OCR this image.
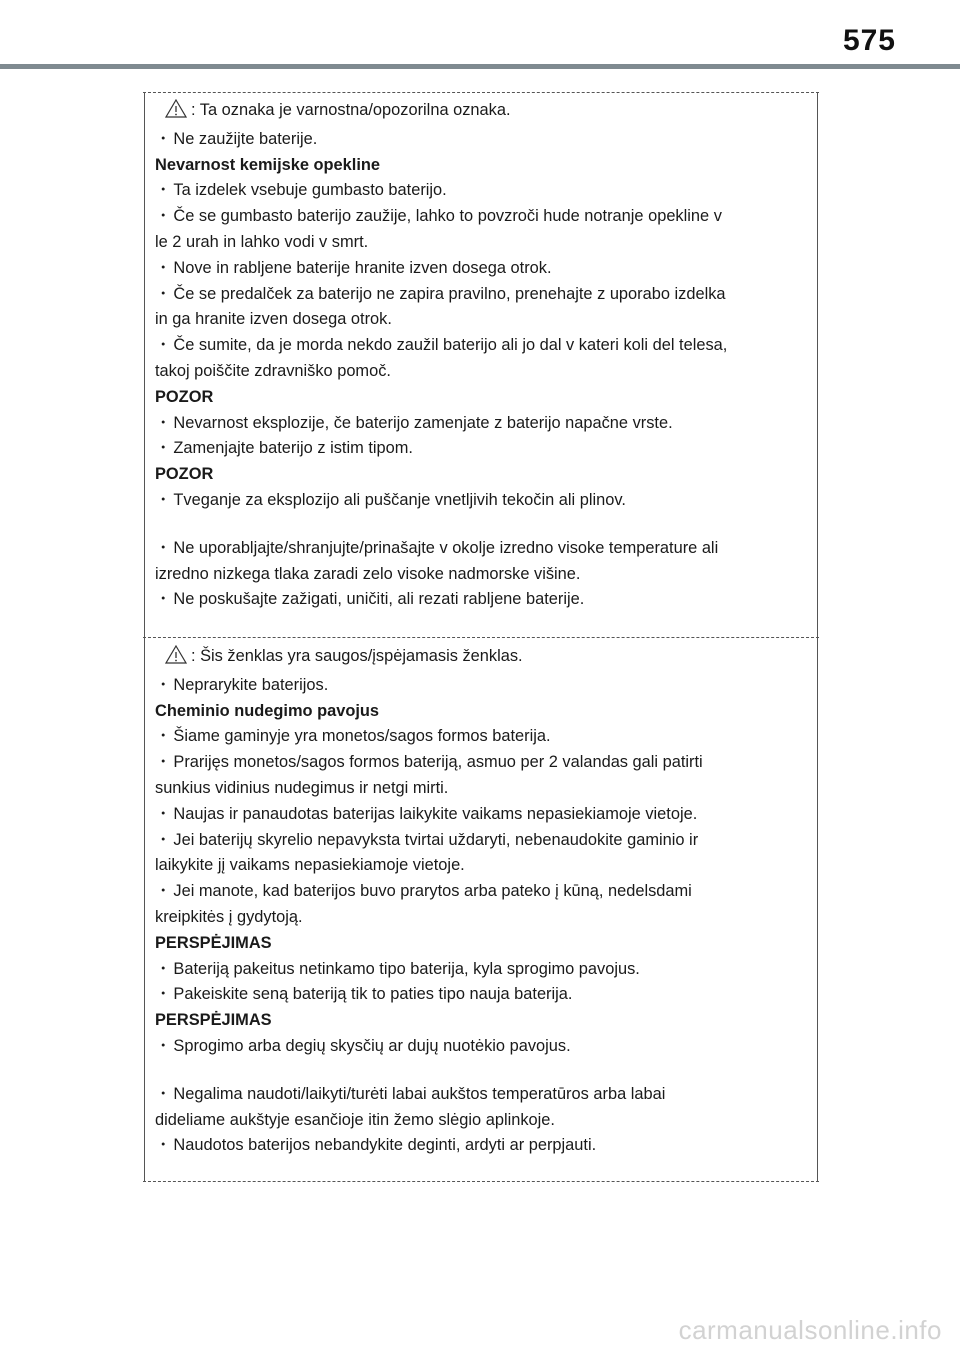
575
: Ta oznaka je varnostna/opozorilna oznaka.
・ Ne zaužijte baterije.
Nevarnost kemijske opekline
・ Ta izdelek vsebuje gumbasto baterijo.
・ Če se gumbasto baterijo zaužije, lahko to povzroči hude notranje opekline v
le 2 urah in lahko vodi v smrt.
・ Nove in rabljene baterije hranite izven dosega otrok.
・ Če se predalček za baterijo ne zapira pravilno, prenehajte z uporabo izdelka
in ga hranite izven dosega otrok.
・ Če sumite, da je morda nekdo zaužil baterijo ali jo dal v kateri koli del telesa,
takoj poiščite zdravniško pomoč.
POZOR
・ Nevarnost eksplozije, če baterijo zamenjate z baterijo napačne vrste.
・ Zamenjajte baterijo z istim tipom.
POZOR
・ Tveganje za eksplozijo ali puščanje vnetljivih tekočin ali plinov.
・ Ne uporabljajte/shranjujte/prinašajte v okolje izredno visoke temperature ali
izredno nizkega tlaka zaradi zelo visoke nadmorske višine.
・ Ne poskušajte zažigati, uničiti, ali rezati rabljene baterije.
: Šis ženklas yra saugos/įspėjamasis ženklas.
・ Neprarykite baterijos.
Cheminio nudegimo pavojus
・ Šiame gaminyje yra monetos/sagos formos baterija.
・ Prarijęs monetos/sagos formos bateriją, asmuo per 2 valandas gali patirti
sunkius vidinius nudegimus ir netgi mirti.
・ Naujas ir panaudotas baterijas laikykite vaikams nepasiekiamoje vietoje.
・ Jei baterijų skyrelio nepavyksta tvirtai uždaryti, nebenaudokite gaminio ir
laikykite jį vaikams nepasiekiamoje vietoje.
・ Jei manote, kad baterijos buvo prarytos arba pateko į kūną, nedelsdami
kreipkitės į gydytoją.
PERSPĖJIMAS
・ Bateriją pakeitus netinkamo tipo baterija, kyla sprogimo pavojus.
・ Pakeiskite seną bateriją tik to paties tipo nauja baterija.
PERSPĖJIMAS
・ Sprogimo arba degių skysčių ar dujų nuotėkio pavojus.
・ Negalima naudoti/laikyti/turėti labai aukštos temperatūros arba labai
dideliame aukštyje esančioje itin žemo slėgio aplinkoje.
・ Naudotos baterijos nebandykite deginti, ardyti ar perpjauti.
carmanualsonline.info
